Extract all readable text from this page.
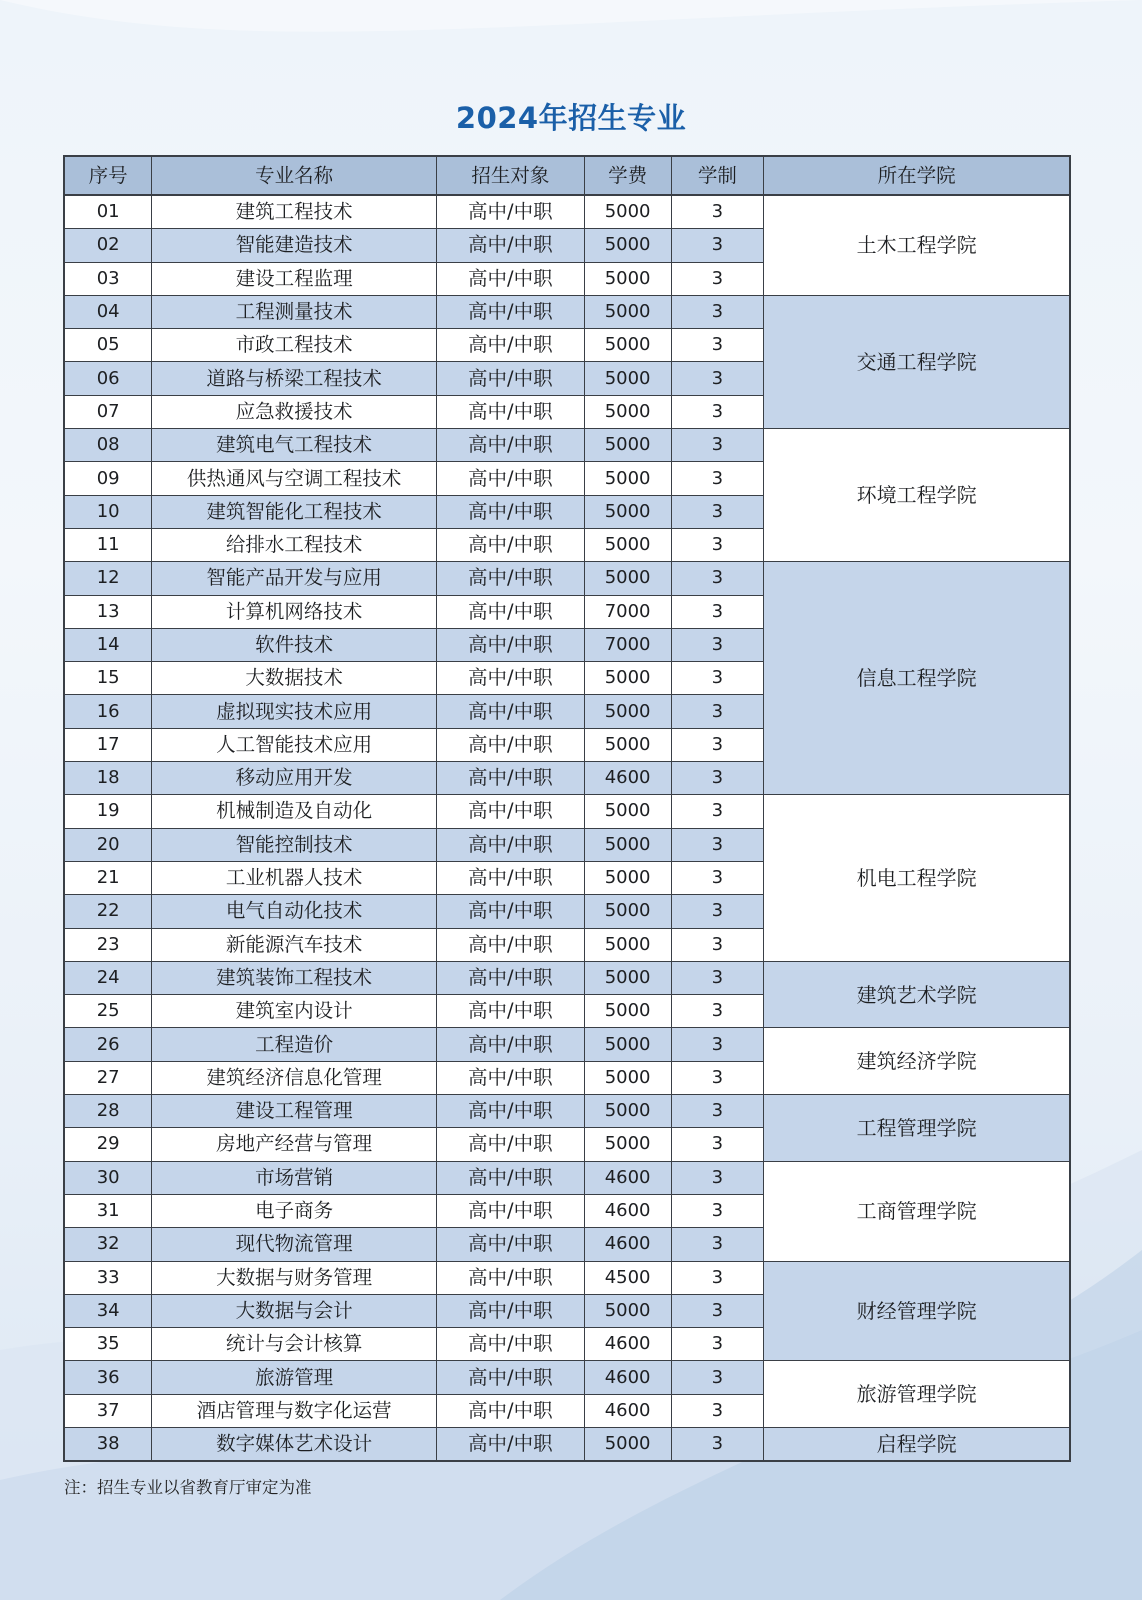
2024年招生专业
序号	专业名称	招生对象	学费	学制	所在学院
01	建筑工程技术	高中/中职	5000	3	土木工程学院
02	智能建造技术	高中/中职	5000	3	
03	建设工程监理	高中/中职	5000	3	
04	工程测量技术	高中/中职	5000	3	交通工程学院
05	市政工程技术	高中/中职	5000	3	
06	道路与桥梁工程技术	高中/中职	5000	3	
07	应急救援技术	高中/中职	5000	3	
08	建筑电气工程技术	高中/中职	5000	3	环境工程学院
09	供热通风与空调工程技术	高中/中职	5000	3	
10	建筑智能化工程技术	高中/中职	5000	3	
11	给排水工程技术	高中/中职	5000	3	
12	智能产品开发与应用	高中/中职	5000	3	信息工程学院
13	计算机网络技术	高中/中职	7000	3	
14	软件技术	高中/中职	7000	3	
15	大数据技术	高中/中职	5000	3	
16	虚拟现实技术应用	高中/中职	5000	3	
17	人工智能技术应用	高中/中职	5000	3	
18	移动应用开发	高中/中职	4600	3	
19	机械制造及自动化	高中/中职	5000	3	机电工程学院
20	智能控制技术	高中/中职	5000	3	
21	工业机器人技术	高中/中职	5000	3	
22	电气自动化技术	高中/中职	5000	3	
23	新能源汽车技术	高中/中职	5000	3	
24	建筑装饰工程技术	高中/中职	5000	3	建筑艺术学院
25	建筑室内设计	高中/中职	5000	3	
26	工程造价	高中/中职	5000	3	建筑经济学院
27	建筑经济信息化管理	高中/中职	5000	3	
28	建设工程管理	高中/中职	5000	3	工程管理学院
29	房地产经营与管理	高中/中职	5000	3	
30	市场营销	高中/中职	4600	3	工商管理学院
31	电子商务	高中/中职	4600	3	
32	现代物流管理	高中/中职	4600	3	
33	大数据与财务管理	高中/中职	4500	3	财经管理学院
34	大数据与会计	高中/中职	5000	3	
35	统计与会计核算	高中/中职	4600	3	
36	旅游管理	高中/中职	4600	3	旅游管理学院
37	酒店管理与数字化运营	高中/中职	4600	3	
38	数字媒体艺术设计	高中/中职	5000	3	启程学院
注：招生专业以省教育厅审定为准
